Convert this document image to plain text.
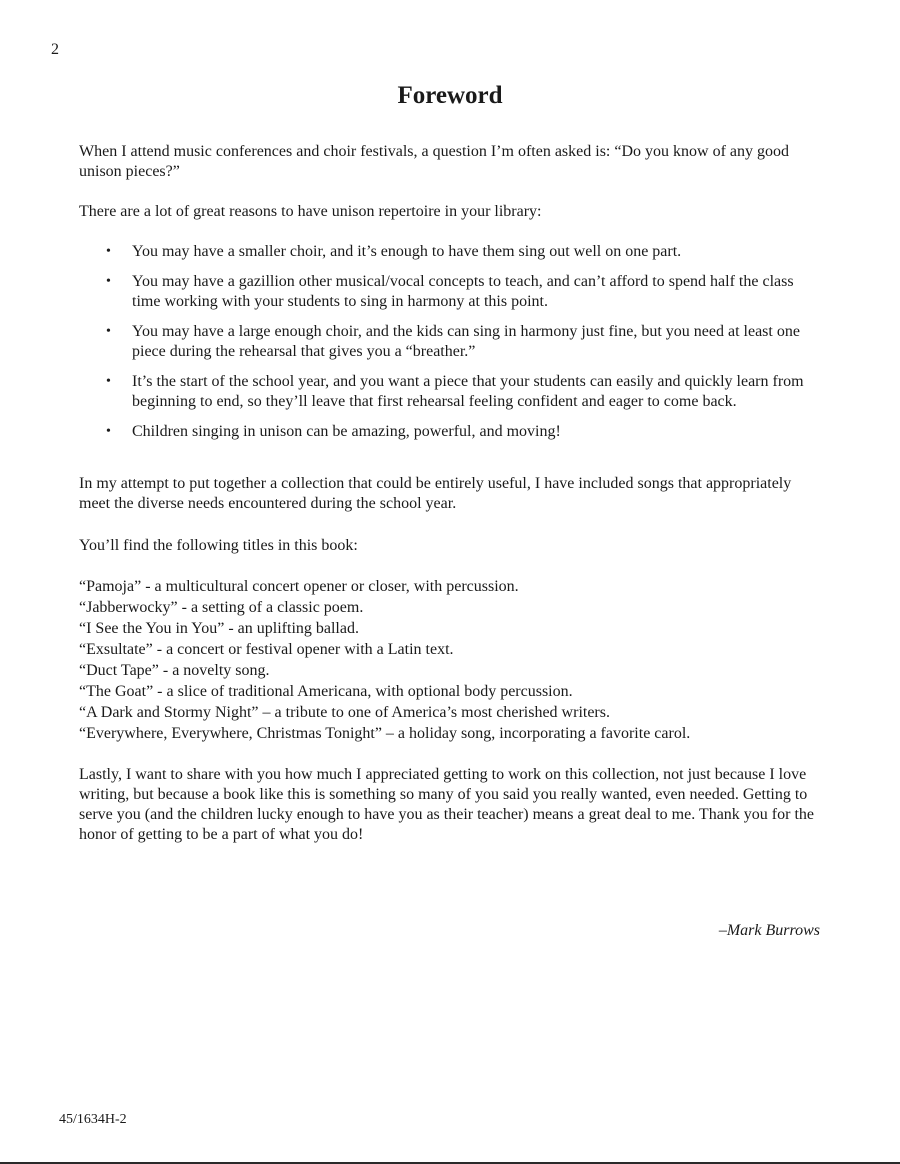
2
Foreword

When I attend music conferences and choir festivals, a question I’m often asked is: “Do you know of any good unison pieces?”

There are a lot of great reasons to have unison repertoire in your library:

• You may have a smaller choir, and it’s enough to have them sing out well on one part.
• You may have a gazillion other musical/vocal concepts to teach, and can’t afford to spend half the class time working with your students to sing in harmony at this point.
• You may have a large enough choir, and the kids can sing in harmony just fine, but you need at least one piece during the rehearsal that gives you a “breather.”
• It’s the start of the school year, and you want a piece that your students can easily and quickly learn from beginning to end, so they’ll leave that first rehearsal feeling confident and eager to come back.
• Children singing in unison can be amazing, powerful, and moving!

In my attempt to put together a collection that could be entirely useful, I have included songs that appropriately meet the diverse needs encountered during the school year.

You’ll find the following titles in this book:

“Pamoja” - a multicultural concert opener or closer, with percussion.
“Jabberwocky” - a setting of a classic poem.
“I See the You in You” - an uplifting ballad.
“Exsultate” - a concert or festival opener with a Latin text.
“Duct Tape” - a novelty song.
“The Goat” - a slice of traditional Americana, with optional body percussion.
“A Dark and Stormy Night” – a tribute to one of America’s most cherished writers.
“Everywhere, Everywhere, Christmas Tonight” – a holiday song, incorporating a favorite carol.

Lastly, I want to share with you how much I appreciated getting to work on this collection, not just because I love writing, but because a book like this is something so many of you said you really wanted, even needed. Getting to serve you (and the children lucky enough to have you as their teacher) means a great deal to me. Thank you for the honor of getting to be a part of what you do!

–Mark Burrows
45/1634H-2
